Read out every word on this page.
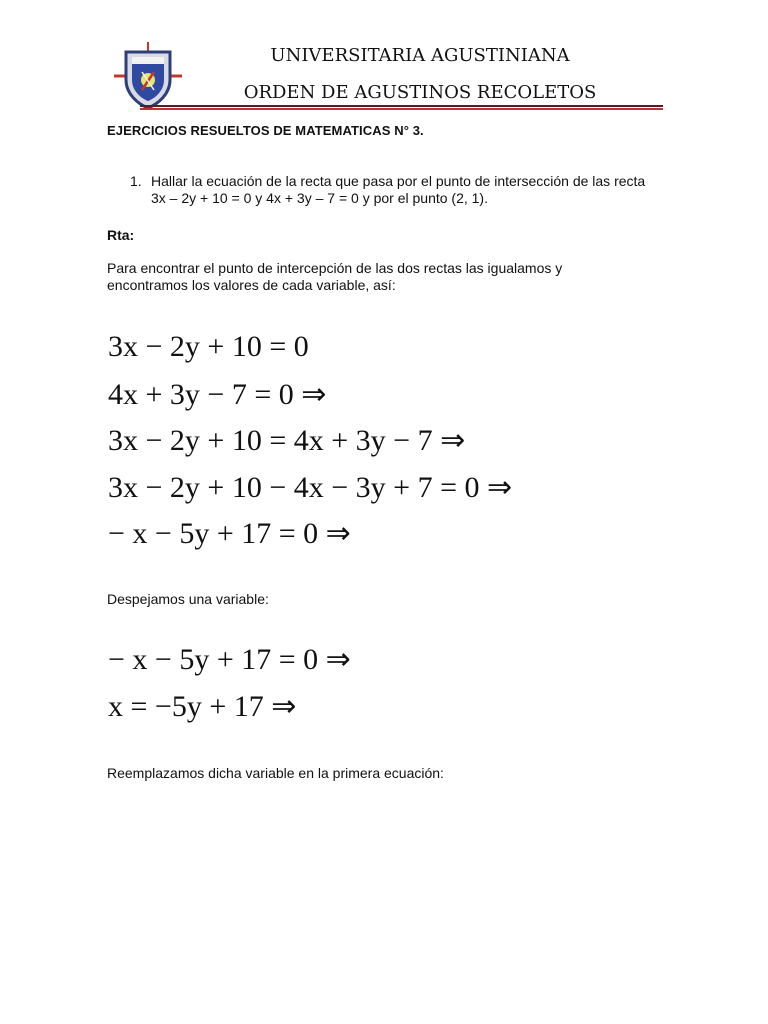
UNIVERSITARIA AGUSTINIANA
ORDEN DE AGUSTINOS RECOLETOS
EJERCICIOS RESUELTOS DE MATEMATICAS N° 3.
1. Hallar la ecuación de la recta que pasa por el punto de intersección de las recta 3x – 2y + 10 = 0 y 4x + 3y – 7 = 0 y por el punto (2, 1).
Rta:
Para encontrar el punto de intercepción de las dos rectas las igualamos y encontramos los valores de cada variable, así:
3x − 2y + 10 = 0
4x + 3y − 7 = 0 ⇒
3x − 2y + 10 = 4x + 3y − 7 ⇒
3x − 2y + 10 − 4x − 3y + 7 = 0 ⇒
− x − 5y + 17 = 0 ⇒
Despejamos una variable:
− x − 5y + 17 = 0 ⇒
x = −5y + 17 ⇒
Reemplazamos dicha variable en la primera ecuación:
